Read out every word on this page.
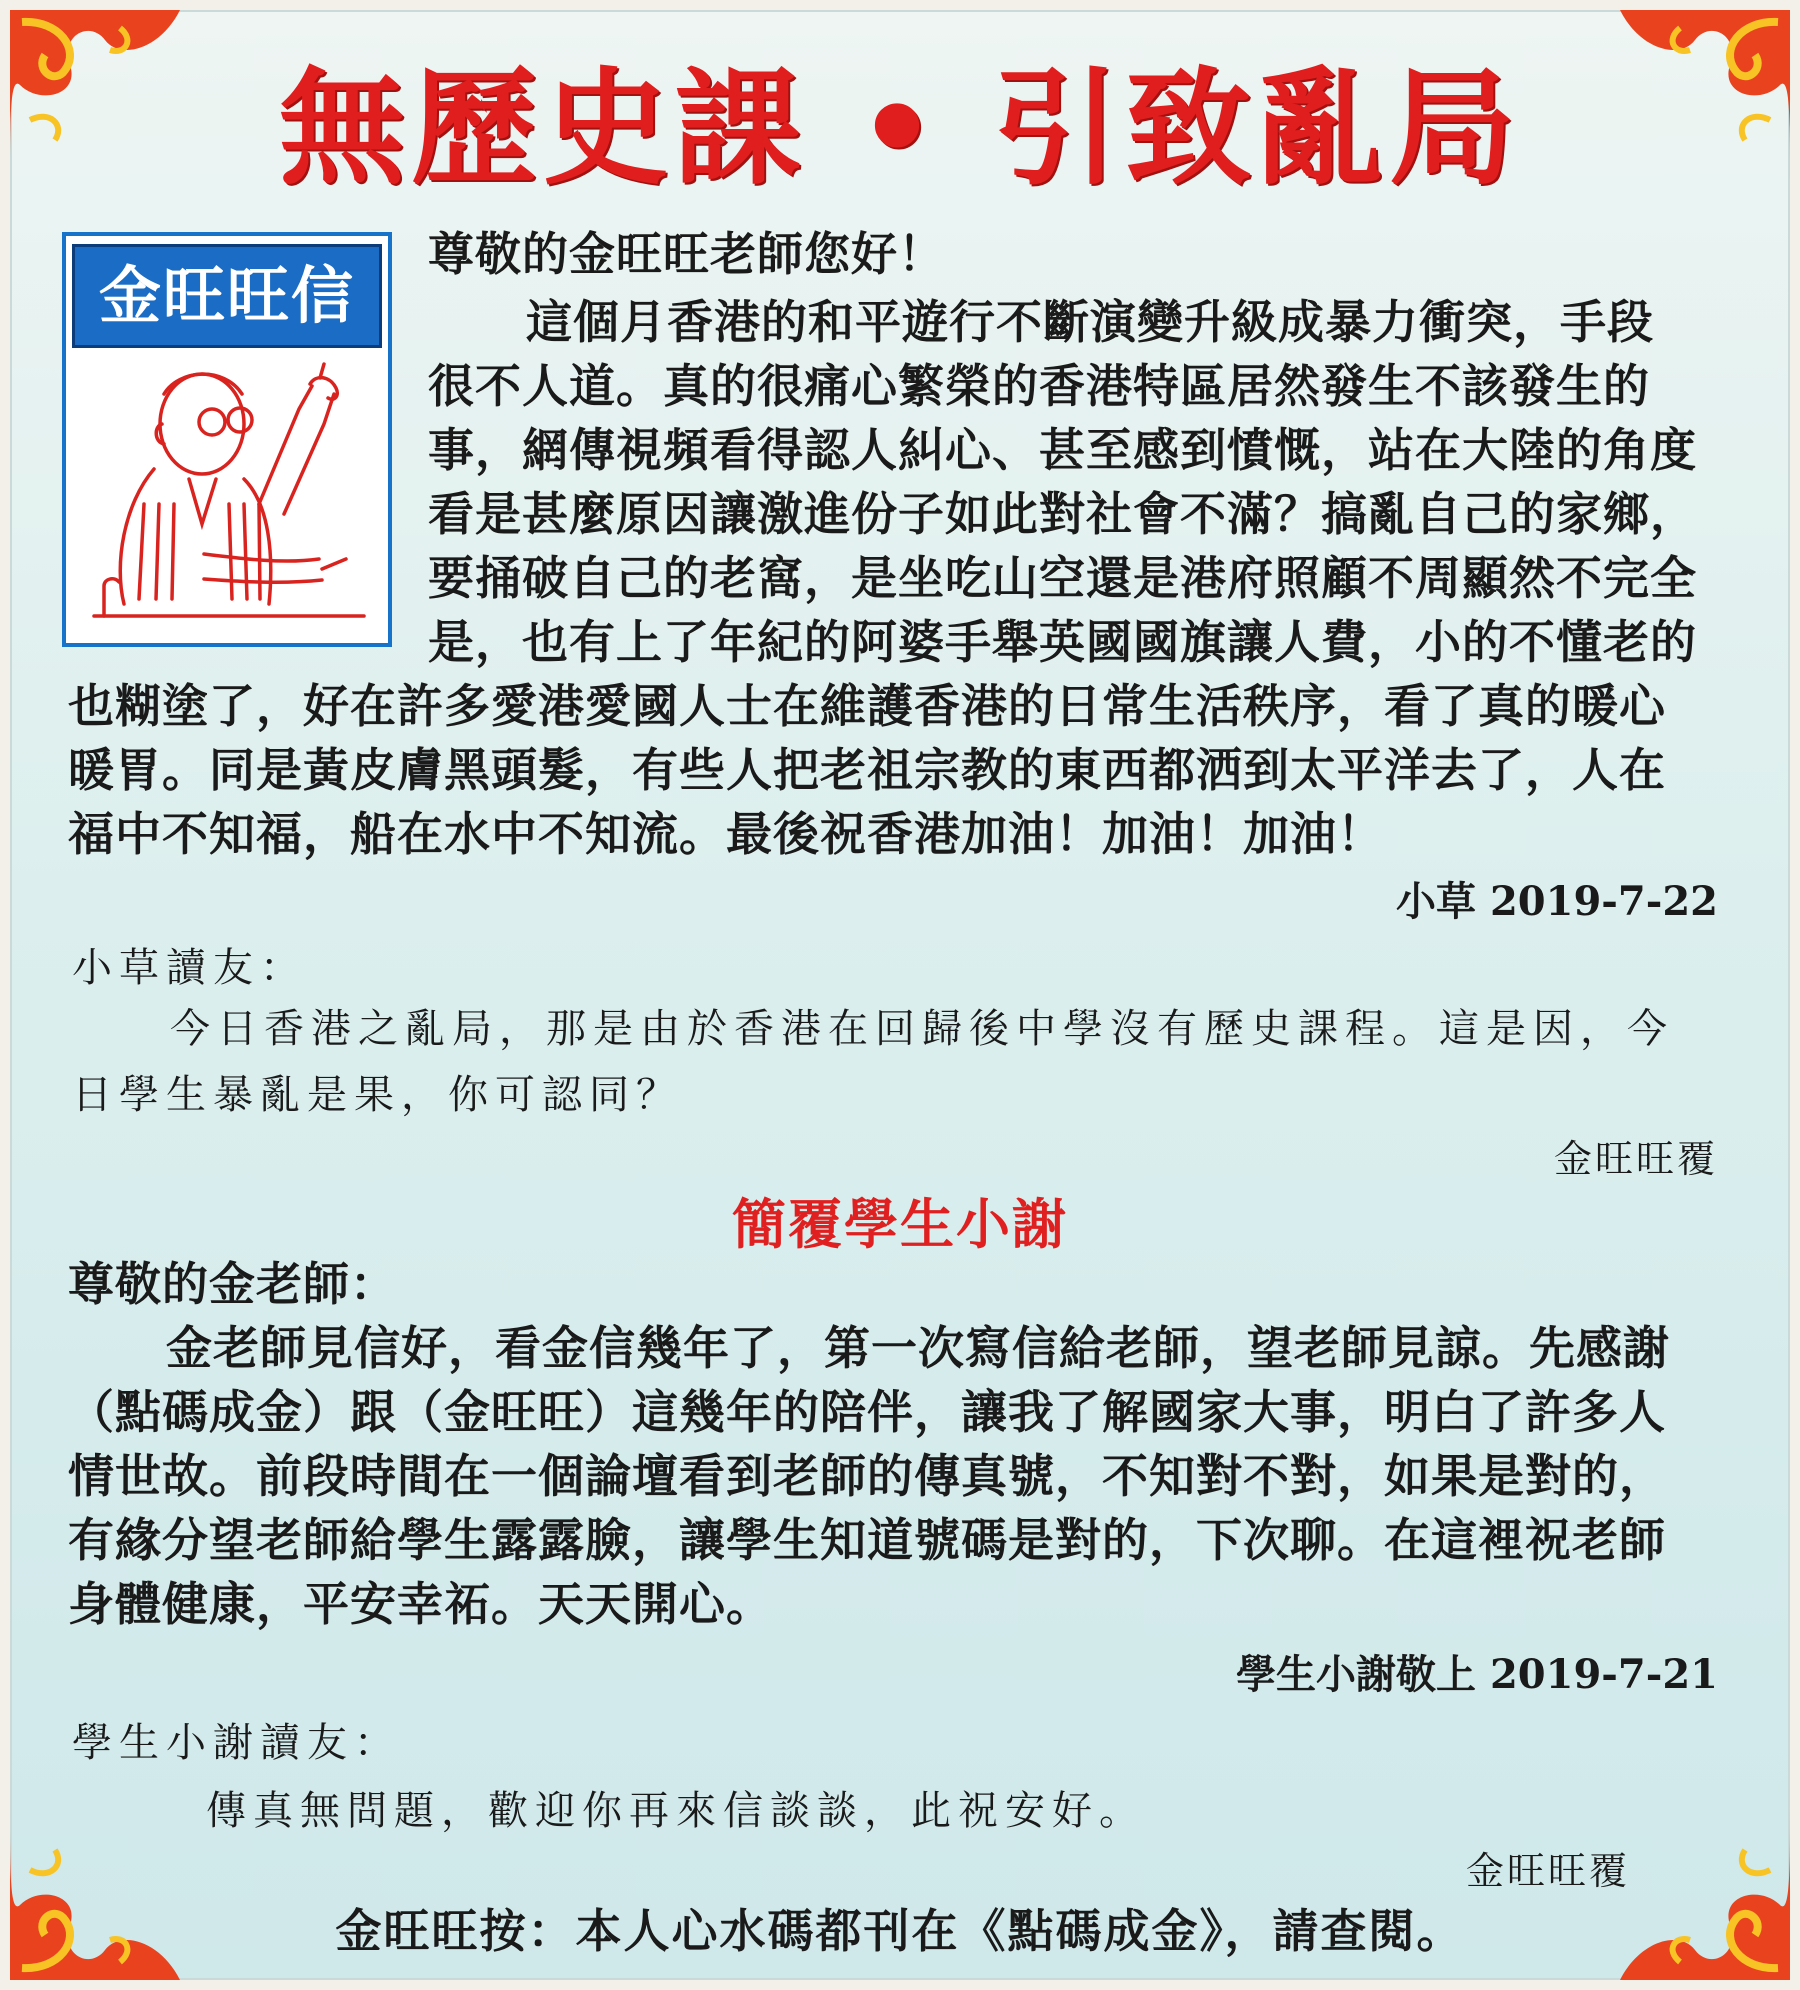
無歷史課 • 引致亂局
金旺旺信箱
尊敬的金旺旺老師您好！
這個月香港的和平遊行不斷演變升級成暴力衝突，手段
很不人道。真的很痛心繁榮的香港特區居然發生不該發生的
事，網傳視頻看得認人糾心、甚至感到憤慨，站在大陸的角度
看是甚麼原因讓激進份子如此對社會不滿？搞亂自己的家鄉，
要捅破自己的老窩，是坐吃山空還是港府照顧不周顯然不完全
是，也有上了年紀的阿婆手舉英國國旗讓人費，小的不懂老的
也糊塗了，好在許多愛港愛國人士在維護香港的日常生活秩序，看了真的暖心
暖胃。同是黃皮膚黑頭髮，有些人把老祖宗教的東西都洒到太平洋去了，人在
福中不知福，船在水中不知流。最後祝香港加油！加油！加油！
小草 2019-7-22
小草讀友：
今日香港之亂局，那是由於香港在回歸後中學沒有歷史課程。這是因，今
日學生暴亂是果，你可認同？
金旺旺覆
簡覆學生小謝
尊敬的金老師：
金老師見信好，看金信幾年了，第一次寫信給老師，望老師見諒。先感謝
（點碼成金）跟（金旺旺）這幾年的陪伴，讓我了解國家大事，明白了許多人
情世故。前段時間在一個論壇看到老師的傳真號，不知對不對，如果是對的，
有緣分望老師給學生露露臉，讓學生知道號碼是對的，下次聊。在這裡祝老師
身體健康，平安幸祏。天天開心。
學生小謝敬上 2019-7-21
學生小謝讀友：
傳真無問題，歡迎你再來信談談，此祝安好。
金旺旺覆
金旺旺按：本人心水碼都刊在《點碼成金》，請查閱。
